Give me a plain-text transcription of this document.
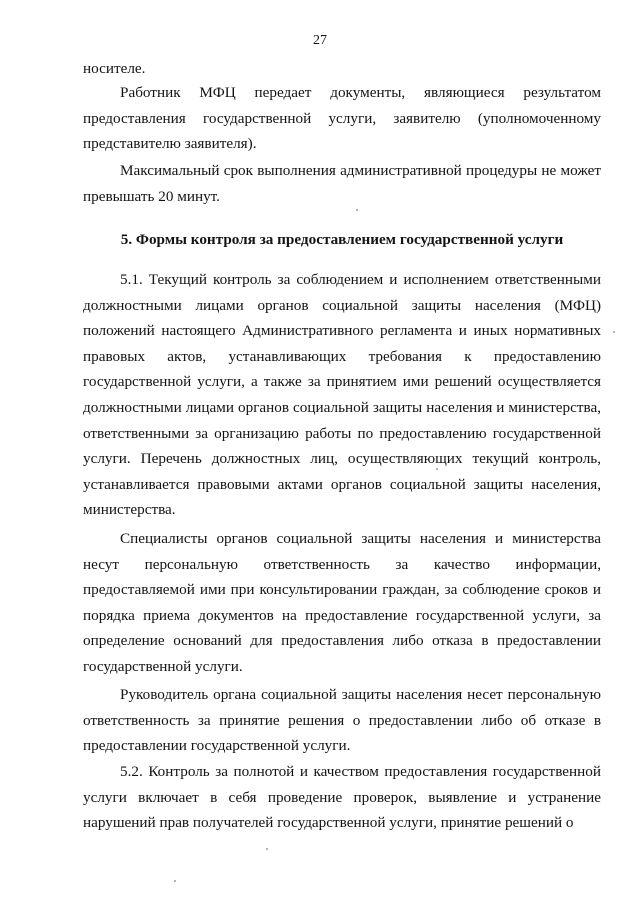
27
носителе.
Работник МФЦ передает документы, являющиеся результатом предоставления государственной услуги, заявителю (уполномоченному представителю заявителя).
Максимальный срок выполнения административной процедуры не может превышать 20 минут.
5. Формы контроля за предоставлением государственной услуги
5.1. Текущий контроль за соблюдением и исполнением ответственными должностными лицами органов социальной защиты населения (МФЦ) положений настоящего Административного регламента и иных нормативных правовых актов, устанавливающих требования к предоставлению государственной услуги, а также за принятием ими решений осуществляется должностными лицами органов социальной защиты населения и министерства, ответственными за организацию работы по предоставлению государственной услуги. Перечень должностных лиц, осуществляющих текущий контроль, устанавливается правовыми актами органов социальной защиты населения, министерства.
Специалисты органов социальной защиты населения и министерства несут персональную ответственность за качество информации, предоставляемой ими при консультировании граждан, за соблюдение сроков и порядка приема документов на предоставление государственной услуги, за определение оснований для предоставления либо отказа в предоставлении государственной услуги.
Руководитель органа социальной защиты населения несет персональную ответственность за принятие решения о предоставлении либо об отказе в предоставлении государственной услуги.
5.2. Контроль за полнотой и качеством предоставления государственной услуги включает в себя проведение проверок, выявление и устранение нарушений прав получателей государственной услуги, принятие решений о
